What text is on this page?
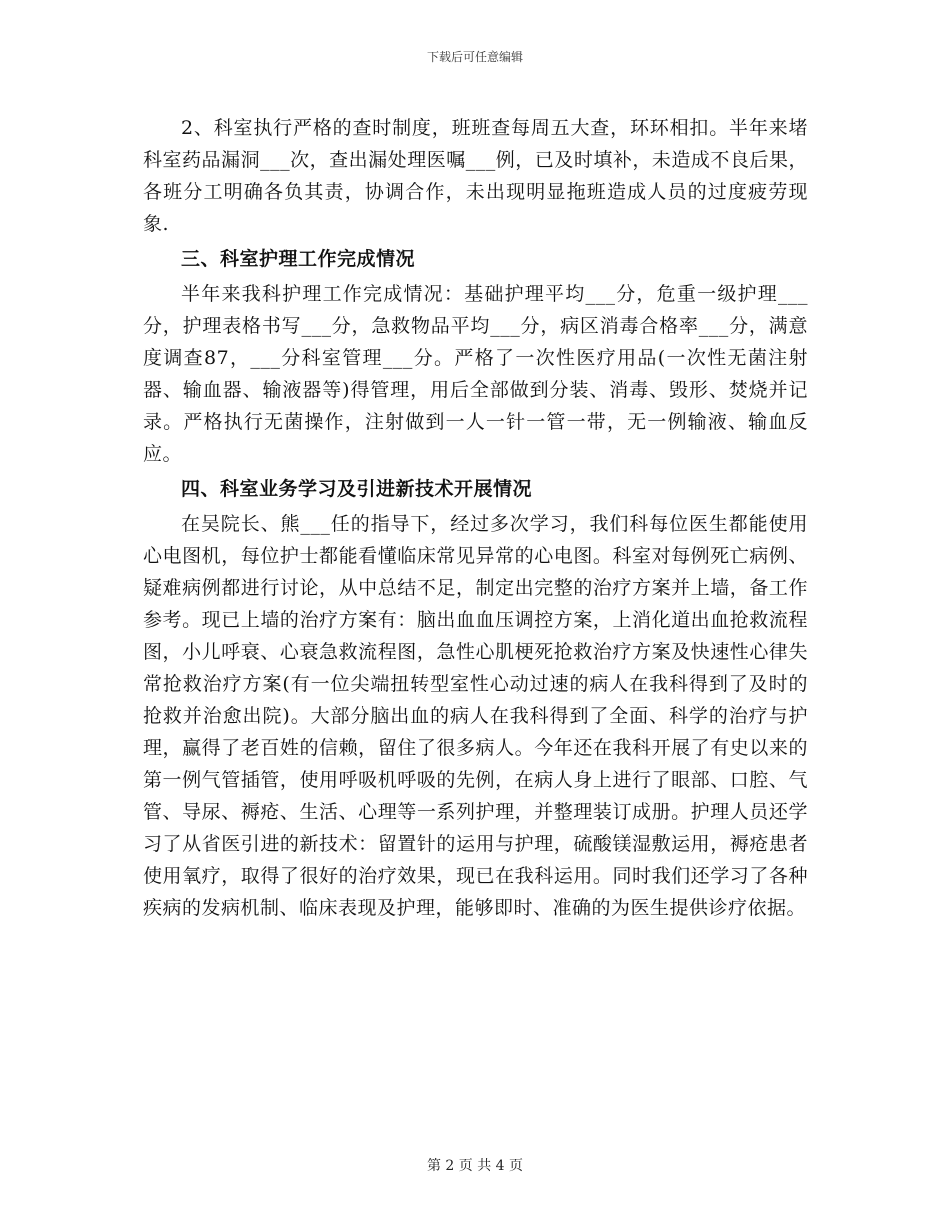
下载后可任意编辑

2、科室执行严格的查时制度，班班查每周五大查，环环相扣。半年来堵科室药品漏洞___次，查出漏处理医嘱___例，已及时填补，未造成不良后果，各班分工明确各负其责，协调合作，未出现明显拖班造成人员的过度疲劳现象.

三、科室护理工作完成情况

半年来我科护理工作完成情况：基础护理平均___分，危重一级护理___分，护理表格书写___分，急救物品平均___分，病区消毒合格率___分，满意度调查87，___分科室管理___分。严格了一次性医疗用品(一次性无菌注射器、输血器、输液器等)得管理，用后全部做到分装、消毒、毁形、焚烧并记录。严格执行无菌操作，注射做到一人一针一管一带，无一例输液、输血反应。

四、科室业务学习及引进新技术开展情况

在吴院长、熊___任的指导下，经过多次学习，我们科每位医生都能使用心电图机，每位护士都能看懂临床常见异常的心电图。科室对每例死亡病例、疑难病例都进行讨论，从中总结不足，制定出完整的治疗方案并上墙，备工作参考。现已上墙的治疗方案有：脑出血血压调控方案，上消化道出血抢救流程图，小儿呼衰、心衰急救流程图，急性心肌梗死抢救治疗方案及快速性心律失常抢救治疗方案(有一位尖端扭转型室性心动过速的病人在我科得到了及时的抢救并治愈出院)。大部分脑出血的病人在我科得到了全面、科学的治疗与护理，赢得了老百姓的信赖，留住了很多病人。今年还在我科开展了有史以来的第一例气管插管，使用呼吸机呼吸的先例，在病人身上进行了眼部、口腔、气管、导尿、褥疮、生活、心理等一系列护理，并整理装订成册。护理人员还学习了从省医引进的新技术：留置针的运用与护理，硫酸镁湿敷运用，褥疮患者使用氧疗，取得了很好的治疗效果，现已在我科运用。同时我们还学习了各种疾病的发病机制、临床表现及护理，能够即时、准确的为医生提供诊疗依据。

第 2 页 共 4 页
